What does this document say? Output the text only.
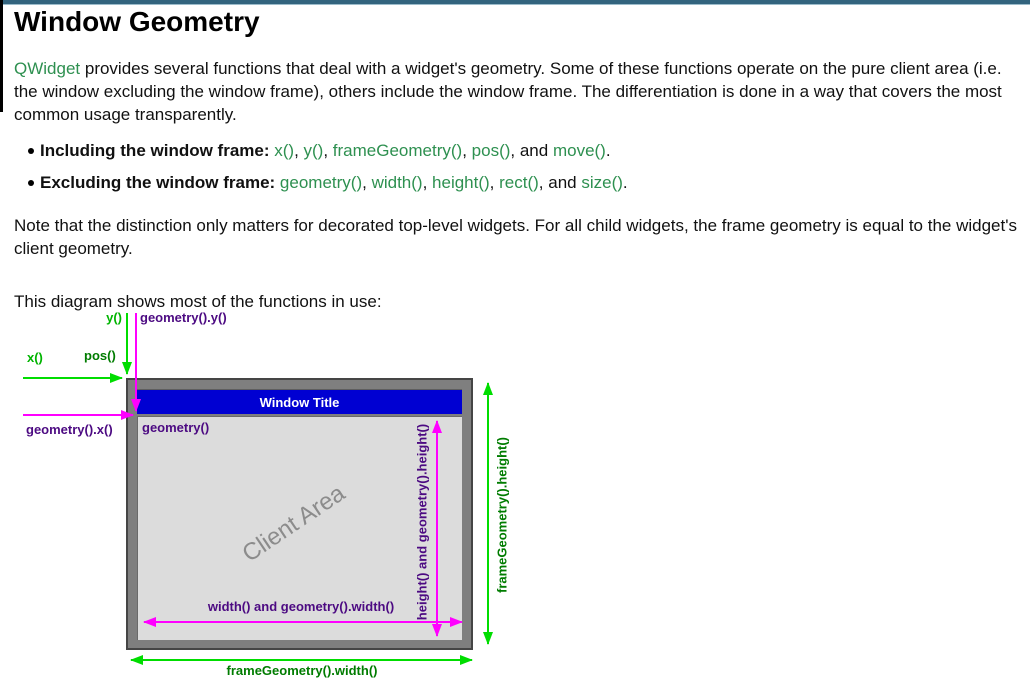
Window Geometry

QWidget provides several functions that deal with a widget's geometry. Some of these functions operate on the pure client area (i.e. the window excluding the window frame), others include the window frame. The differentiation is done in a way that covers the most common usage transparently.

Including the window frame: x(), y(), frameGeometry(), pos(), and move().
Excluding the window frame: geometry(), width(), height(), rect(), and size().

Note that the distinction only matters for decorated top-level widgets. For all child widgets, the frame geometry is equal to the widget's client geometry.

This diagram shows most of the functions in use:

Window Title
Client Area
y() geometry().y()
x()	pos()
geometry().x() geometry()
width() and geometry().width()	height() and geometry().height()	frameGeometry().height()
frameGeometry().width()
